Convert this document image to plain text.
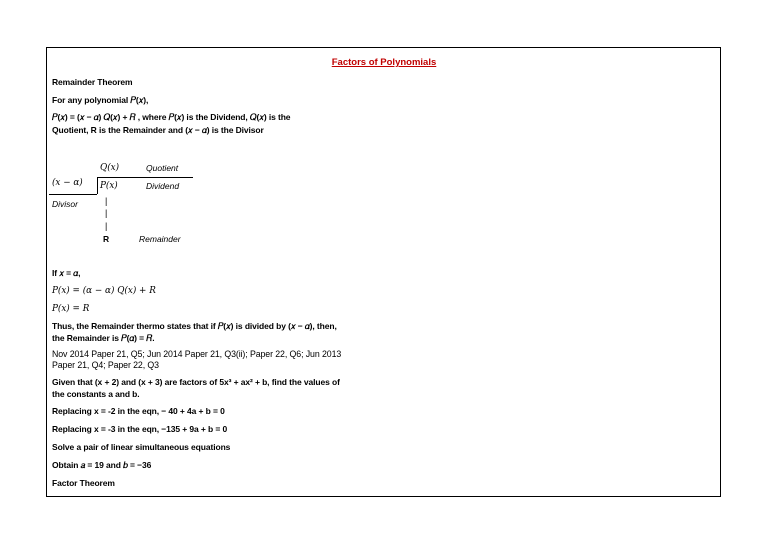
Factors of Polynomials
Remainder Theorem
For any polynomial 𝑃(𝑥),
𝑃(𝑥) = (𝑥 − 𝛼) 𝑄(𝑥) + 𝑅 , where 𝑃(𝑥) is the Dividend, 𝑄(𝑥) is the
Quotient, R is the Remainder and (𝑥 − 𝛼) is the Divisor
𝑄(𝑥)	Quotient
(𝑥 − 𝛼) 𝑃(𝑥)	Dividend
Divisor	|
|
|
R	Remainder
If 𝑥 = 𝛼,
𝑃(𝑥) = (𝛼 − 𝛼) 𝑄(𝑥) + 𝑅
𝑃(𝑥) = 𝑅
Thus, the Remainder thermo states that if 𝑃(𝑥) is divided by (𝑥 − 𝛼), then,
the Remainder is 𝑃(𝛼) = 𝑅.
Nov 2014 Paper 21, Q5; Jun 2014 Paper 21, Q3(ii); Paper 22, Q6; Jun 2013
Paper 21, Q4; Paper 22, Q3
Given that (x + 2) and (x + 3) are factors of 5x³ + ax² + b, find the values of
the constants a and b.
Replacing x = -2 in the eqn, − 40 + 4a + b = 0
Replacing x = -3 in the eqn, −135 + 9a + b = 0
Solve a pair of linear simultaneous equations
Obtain 𝑎 = 19 and 𝑏 = −36
Factor Theorem
